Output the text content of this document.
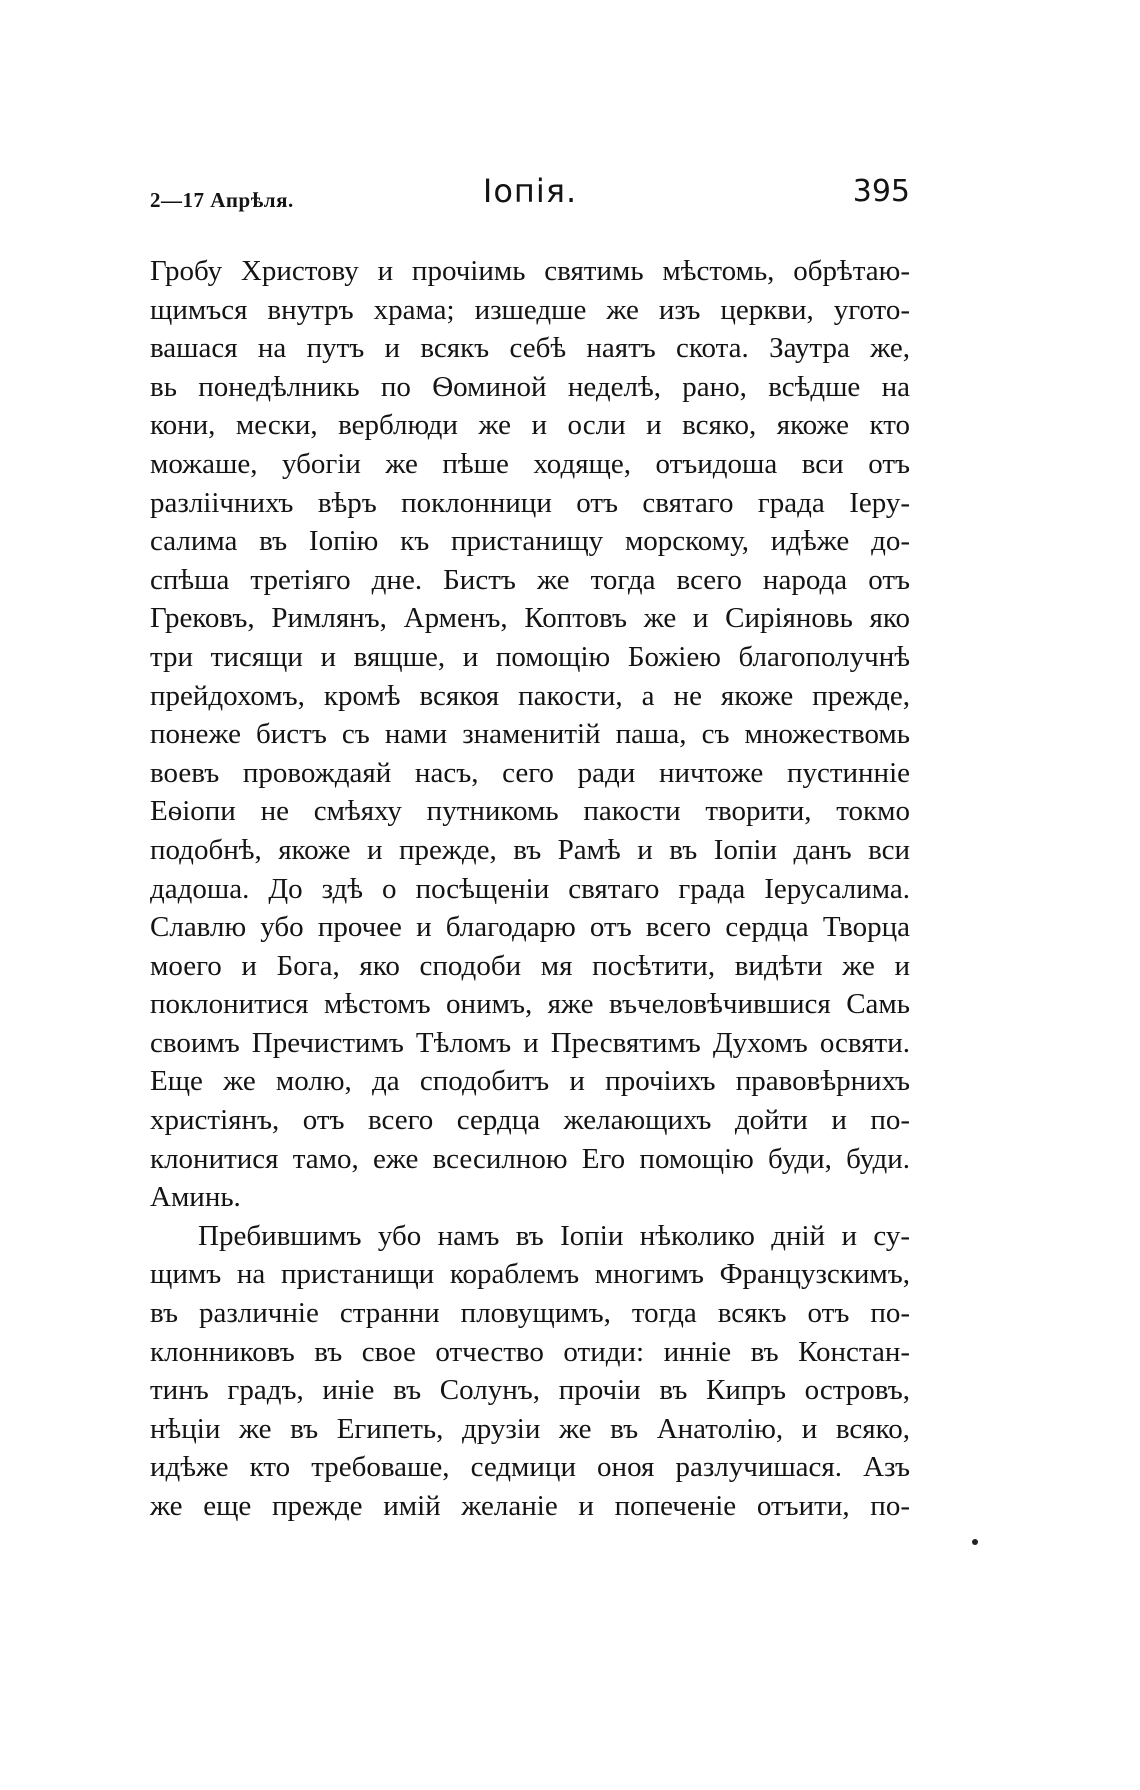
2—17 Апрѣля.	Іопія.	395
Гробу Христову и прочіимь святимь мѣстомь, обрѣтаю-
щимъся внутръ храма; изшедше же изъ церкви, угото-
вашася на путъ и всякъ себѣ наятъ скота. Заутра же,
вь понедѣлникь по Ѳоминой неделѣ, рано, всѣдше на
кони, мески, верблюди же и осли и всяко, якоже кто
можаше, убогіи же пѣше ходяще, отъидоша вси отъ
разліічнихъ вѣръ поклонници отъ святаго града Іеру-
салима въ Іопію къ пристанищу морскому, идѣже до-
спѣша третіяго дне. Бистъ же тогда всего народа отъ
Грековъ, Римлянъ, Арменъ, Коптовъ же и Сиріяновь яко
три тисящи и вящше, и помощію Божіею благополучнѣ
прейдохомъ, кромѣ всякоя пакости, а не якоже прежде,
понеже бистъ съ нами знаменитій паша, съ множествомь
воевъ провождаяй насъ, сего ради ничтоже пустинніе
Еѳіопи не смѣяху путникомь пакости творити, токмо
подобнѣ, якоже и прежде, въ Рамѣ и въ Іопіи данъ вси
дадоша. До здѣ о посѣщеніи святаго града Іерусалима.
Славлю убо прочее и благодарю отъ всего сердца Творца
моего и Бога, яко сподоби мя посѣтити, видѣти же и
поклонитися мѣстомъ онимъ, яже въчеловѣчившися Самь
своимъ Пречистимъ Тѣломъ и Пресвятимъ Духомъ освяти.
Еще же молю, да сподобитъ и прочіихъ правовѣрнихъ
христіянъ, отъ всего сердца желающихъ дойти и по-
клонитися тамо, еже всесилною Его помощію буди, буди.
Аминь.
Пребившимъ убо намъ въ Іопіи нѣколико дній и су-
щимъ на пристанищи кораблемъ многимъ Французскимъ,
въ различніе странни пловущимъ, тогда всякъ отъ по-
клонниковъ въ свое отчество отиди: инніе въ Констан-
тинъ градъ, иніе въ Солунъ, прочіи въ Кипръ островъ,
нѣціи же въ Египеть, друзіи же въ Анатолію, и всяко,
идѣже кто требоваше, седмици оноя разлучишася. Азъ
же еще прежде имій желаніе и попеченіе отъити, по-
